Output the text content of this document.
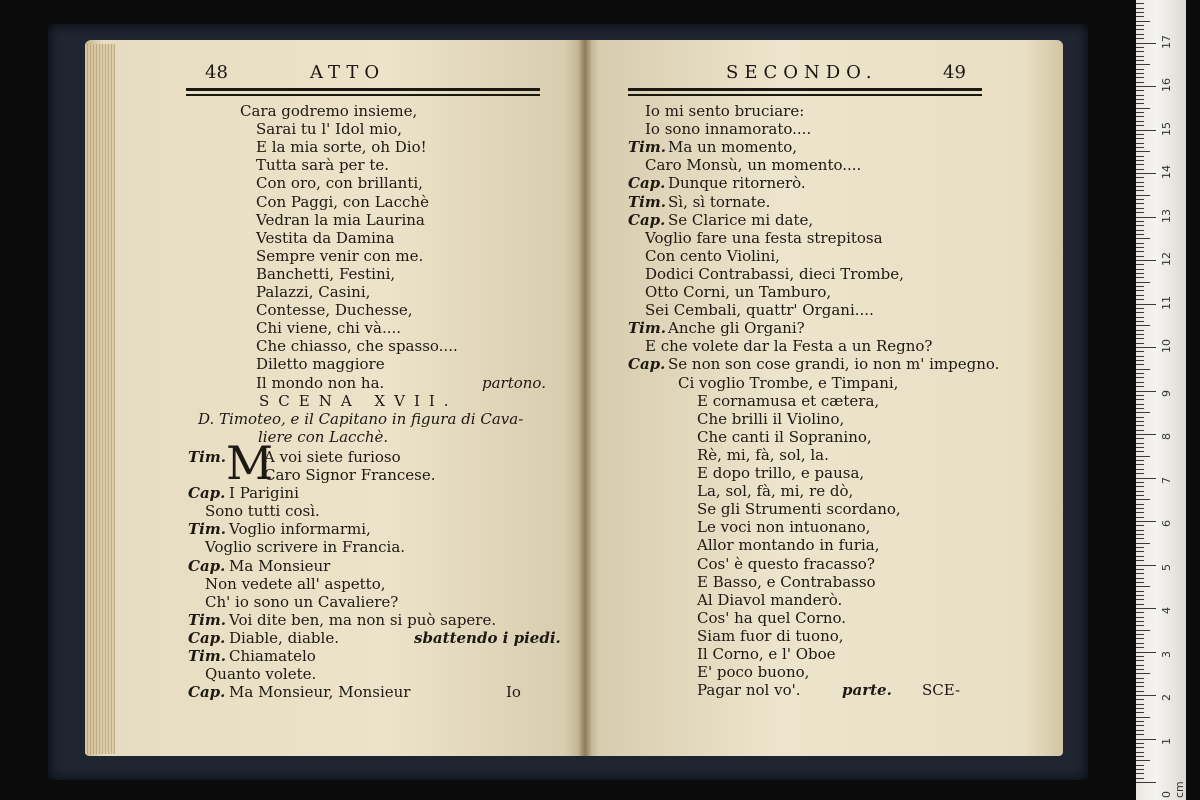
48	ATTO	SECONDO.	49
Cara godremo insieme,
Sarai tu l' Idol mio,
E la mia sorte, oh Dio!
Tutta sarà per te.
Con oro, con brillanti,
Con Paggi, con Lacchè
Vedran la mia Laurina
Vestita da Damina
Sempre venir con me.
Banchetti, Festini,
Palazzi, Casini,
Contesse, Duchesse,
Chi viene, chi và....
Che chiasso, che spasso....
Diletto maggiore
Il mondo non ha.	partono.
SCENA XVII.
D. Timoteo, e il Capitano in figura di Cava-
liere con Lacchè.
M
Tim.	A voi siete furioso
Caro Signor Francese.
Cap. I Parigini
Sono tutti così.
Tim. Voglio informarmi,
Voglio scrivere in Francia.
Cap. Ma Monsieur
Non vedete all' aspetto,
Ch' io sono un Cavaliere?
Tim. Voi dite ben, ma non si può sapere.
Cap. Diable, diable.	sbattendo i piedi.
Tim. Chiamatelo
Quanto volete.
Cap. Ma Monsieur, Monsieur	Io
Io mi sento bruciare:
Io sono innamorato....
Tim. Ma un momento,
Caro Monsù, un momento....
Cap. Dunque ritornerò.
Tim. Sì, sì tornate.
Cap. Se Clarice mi date,
Voglio fare una festa strepitosa
Con cento Violini,
Dodici Contrabassi, dieci Trombe,
Otto Corni, un Tamburo,
Sei Cembali, quattr' Organi....
Tim. Anche gli Organi?
E che volete dar la Festa a un Regno?
Cap. Se non son cose grandi, io non m' impegno.
Ci voglio Trombe, e Timpani,
E cornamusa et cætera,
Che brilli il Violino,
Che canti il Sopranino,
Rè, mi, fà, sol, la.
E dopo trillo, e pausa,
La, sol, fà, mi, re dò,
Se gli Strumenti scordano,
Le voci non intuonano,
Allor montando in furia,
Cos' è questo fracasso?
E Basso, e Contrabasso
Al Diavol manderò.
Cos' ha quel Corno.
Siam fuor di tuono,
Il Corno, e l' Oboe
E' poco buono,
Pagar nol vo'.	parte. SCE-
0 cm
1
2
3
4
5
6
7
8
9
10
11
12
13
14
15
16
17
